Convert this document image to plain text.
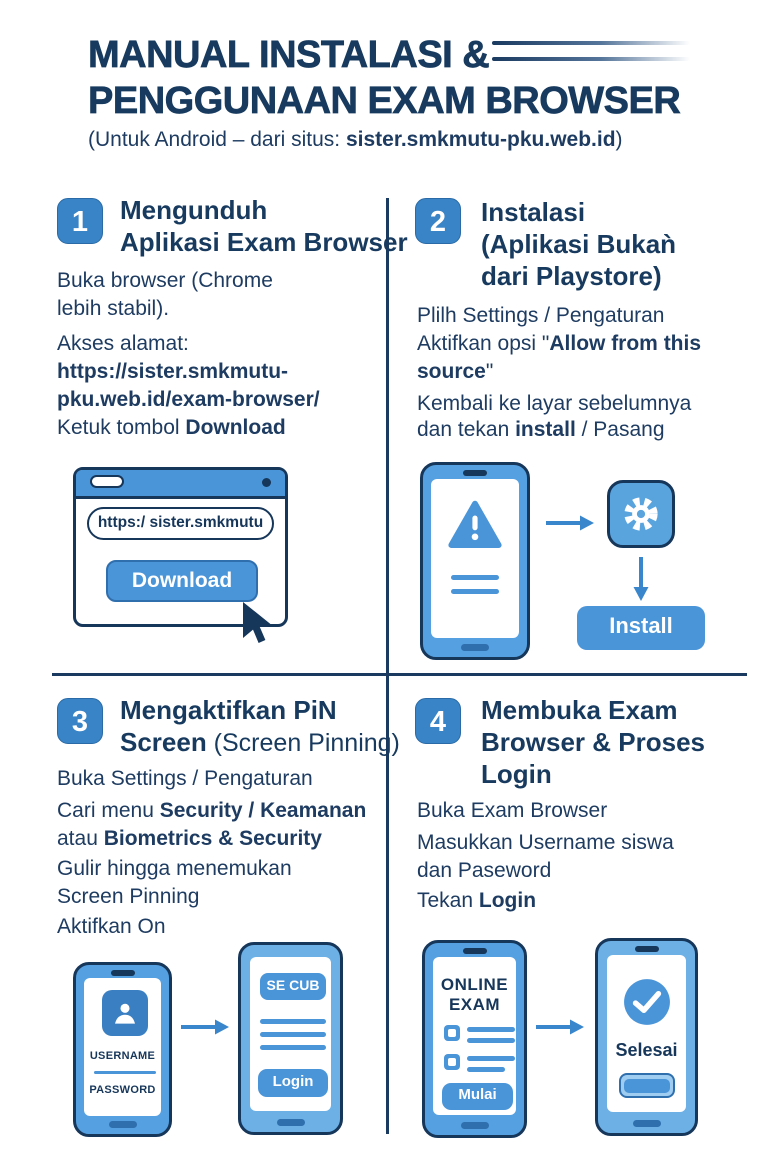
MANUAL INSTALASI &
PENGGUNAAN EXAM BROWSER
(Untuk Android – dari situs: sister.smkmutu-pku.web.id)
1	Mengunduh
Aplikasi Exam Browser
Buka browser (Chrome
lebih stabil).
Akses alamat:
https://sister.smkmutu-
pku.web.id/exam-browser/
Ketuk tombol Download
https:/ sister.smkmutu
Download
2	Instalasi
(Aplikasi Bukaǹ
dari Playstore)
Plilh Settings / Pengaturan
Aktifkan opsi "Allow from this
source"
Kembali ke layar sebelumnya
dan tekan install / Pasang
Install
3	Mengaktifkan PiN
Screen (Screen Pinning)
Buka Settings / Pengaturan
Cari menu Security / Keamanan
atau Biometrics & Security
Gulir hingga menemukan
Screen Pinning
Aktifkan On
USERNAME
PASSWORD
SE CUB
Login
4	Membuka Exam
Browser & Proses
Login
Buka Exam Browser
Masukkan Username siswa
dan Paseword
Tekan Login
ONLINE
EXAM
Mulai
Selesai
